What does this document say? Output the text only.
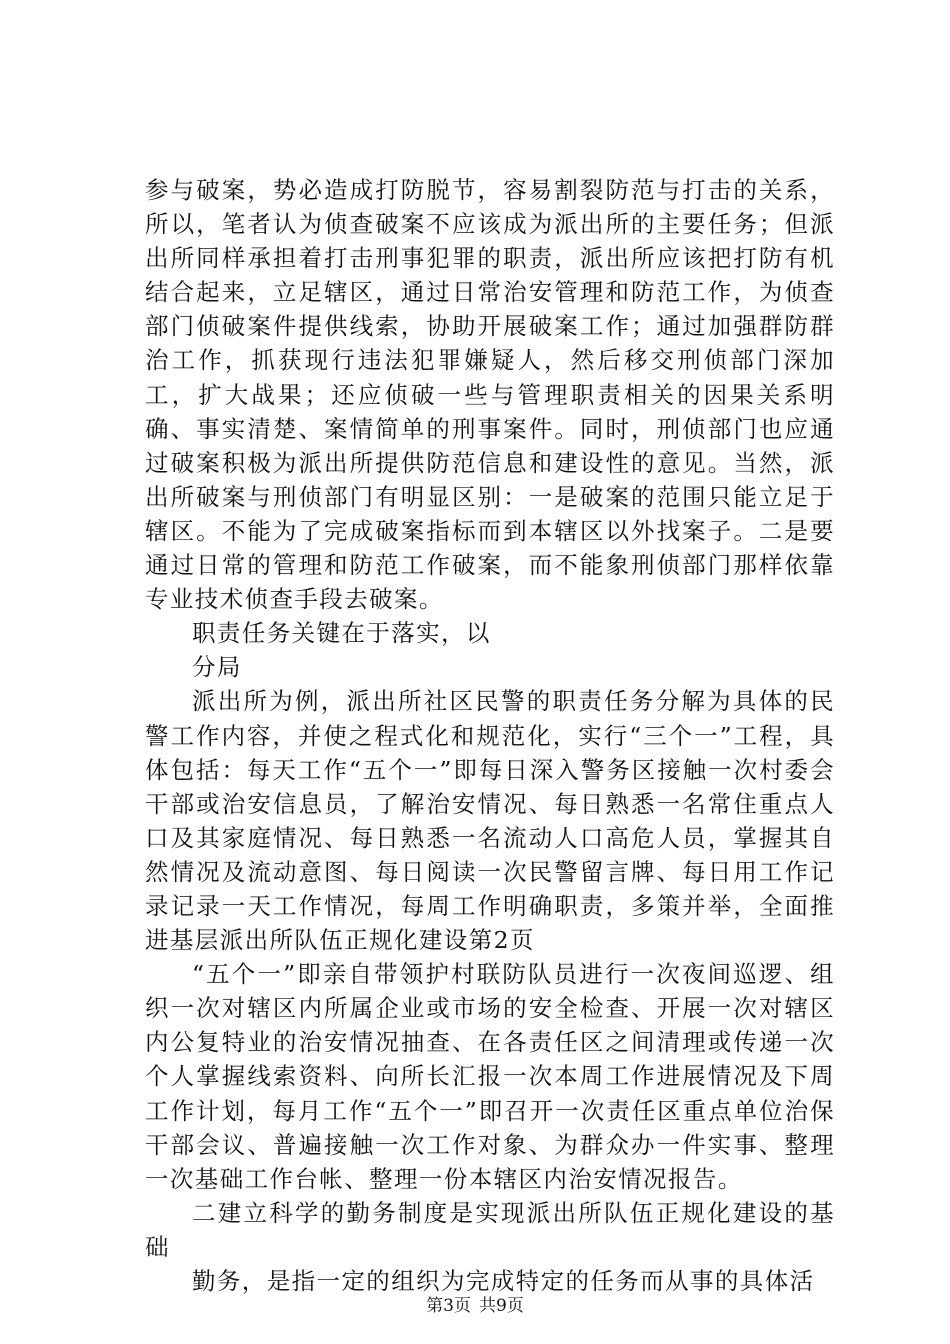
参与破案，势必造成打防脱节，容易割裂防范与打击的关系，所以，笔者认为侦查破案不应该成为派出所的主要任务；但派出所同样承担着打击刑事犯罪的职责，派出所应该把打防有机结合起来，立足辖区，通过日常治安管理和防范工作，为侦查部门侦破案件提供线索，协助开展破案工作；通过加强群防群治工作，抓获现行违法犯罪嫌疑人，然后移交刑侦部门深加工，扩大战果；还应侦破一些与管理职责相关的因果关系明确、事实清楚、案情简单的刑事案件。同时，刑侦部门也应通过破案积极为派出所提供防范信息和建设性的意见。当然，派出所破案与刑侦部门有明显区别：一是破案的范围只能立足于辖区。不能为了完成破案指标而到本辖区以外找案子。二是要通过日常的管理和防范工作破案，而不能象刑侦部门那样依靠专业技术侦查手段去破案。

职责任务关键在于落实，以

分局

派出所为例，派出所社区民警的职责任务分解为具体的民警工作内容，并使之程式化和规范化，实行“三个一”工程，具体包括：每天工作“五个一”即每日深入警务区接触一次村委会干部或治安信息员，了解治安情况、每日熟悉一名常住重点人口及其家庭情况、每日熟悉一名流动人口高危人员，掌握其自然情况及流动意图、每日阅读一次民警留言牌、每日用工作记录记录一天工作情况，每周工作明确职责，多策并举，全面推进基层派出所队伍正规化建设第2页

“五个一”即亲自带领护村联防队员进行一次夜间巡逻、组织一次对辖区内所属企业或市场的安全检查、开展一次对辖区内公复特业的治安情况抽查、在各责任区之间清理或传递一次个人掌握线索资料、向所长汇报一次本周工作进展情况及下周工作计划，每月工作“五个一”即召开一次责任区重点单位治保干部会议、普遍接触一次工作对象、为群众办一件实事、整理一次基础工作台帐、整理一份本辖区内治安情况报告。

二建立科学的勤务制度是实现派出所队伍正规化建设的基础

勤务，是指一定的组织为完成特定的任务而从事的具体活

第3页 共9页
